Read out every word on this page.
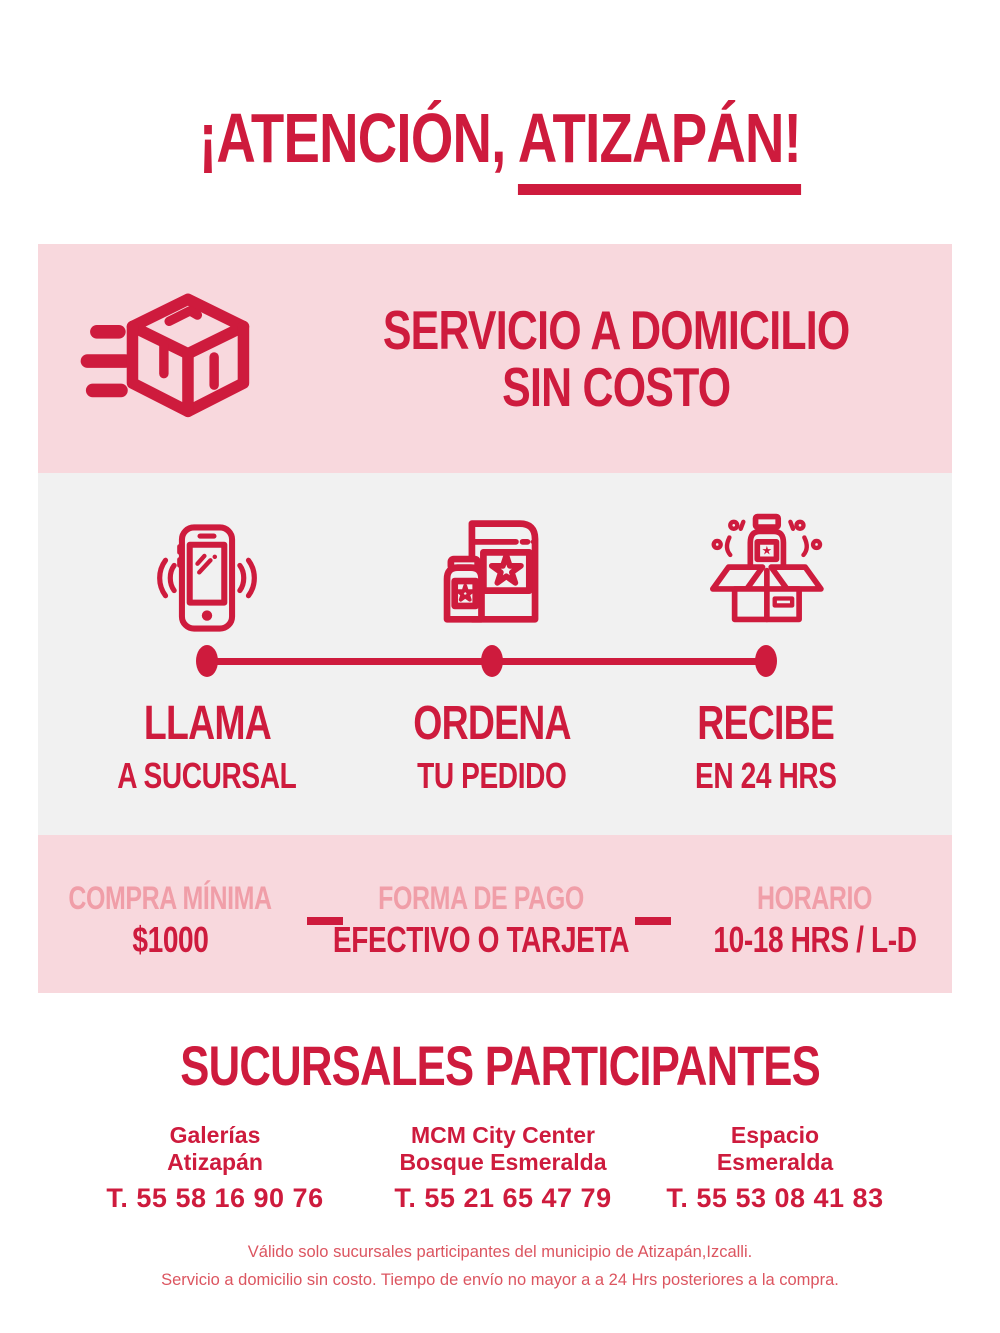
¡ATENCIÓN, ATIZAPÁN!
SERVICIO A DOMICILIO
SIN COSTO
LLAMA
A SUCURSAL
ORDENA
TU PEDIDO
RECIBE
EN 24 HRS
COMPRA MÍNIMA
$1000
FORMA DE PAGO
EFECTIVO O TARJETA
HORARIO
10-18 HRS / L-D
SUCURSALES PARTICIPANTES
Galerías
Atizapán
T. 55 58 16 90 76
MCM City Center
Bosque Esmeralda
T. 55 21 65 47 79
Espacio
Esmeralda
T. 55 53 08 41 83
Válido solo sucursales participantes del municipio de Atizapán,Izcalli.
Servicio a domicilio sin costo. Tiempo de envío no mayor a a 24 Hrs posteriores a la compra.
